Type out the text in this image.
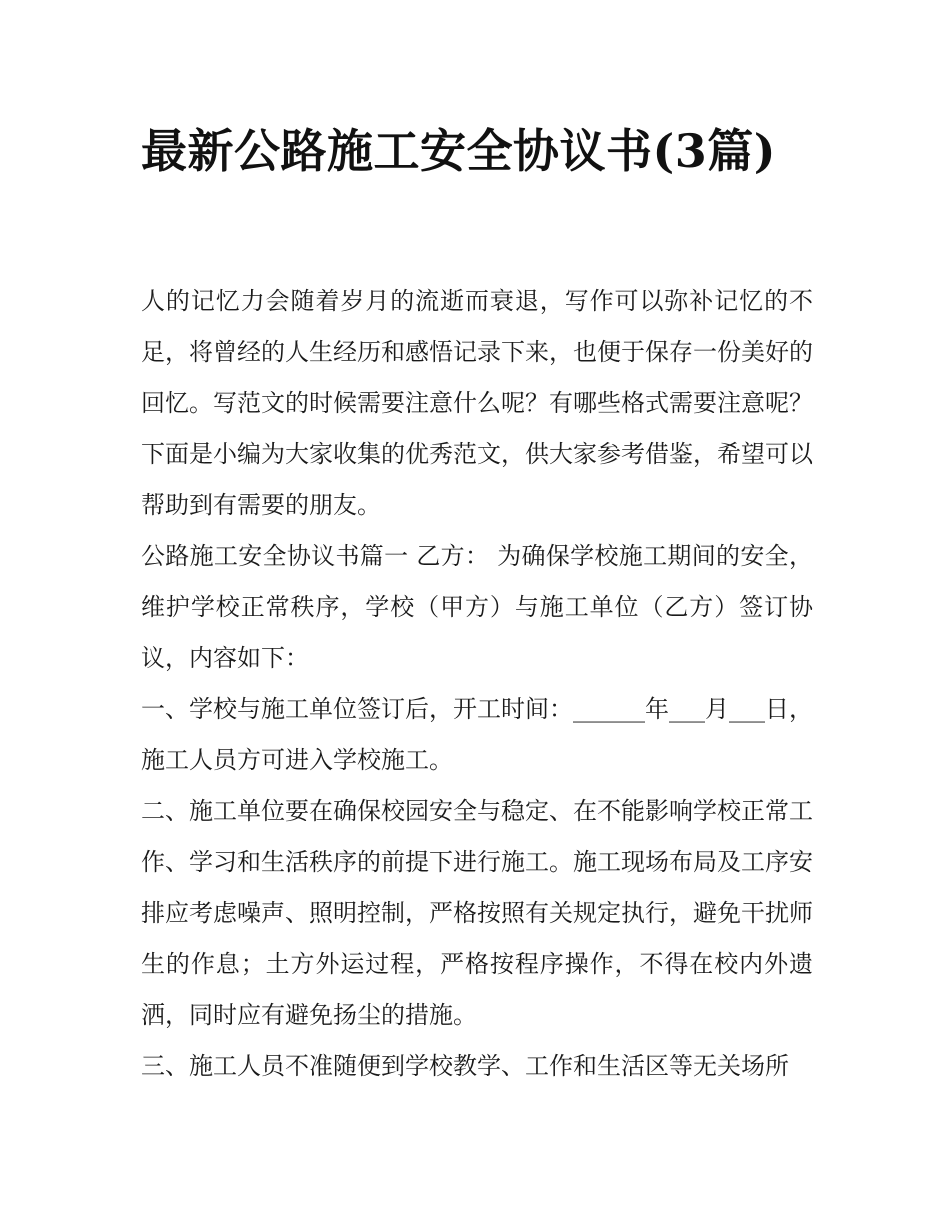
最新公路施工安全协议书(3篇)

人的记忆力会随着岁月的流逝而衰退，写作可以弥补记忆的不足，将曾经的人生经历和感悟记录下来，也便于保存一份美好的回忆。写范文的时候需要注意什么呢？有哪些格式需要注意呢？下面是小编为大家收集的优秀范文，供大家参考借鉴，希望可以帮助到有需要的朋友。

公路施工安全协议书篇一 乙方： 为确保学校施工期间的安全，维护学校正常秩序，学校（甲方）与施工单位（乙方）签订协议，内容如下：

一、学校与施工单位签订后，开工时间：______年___月___日，施工人员方可进入学校施工。

二、施工单位要在确保校园安全与稳定、在不能影响学校正常工作、学习和生活秩序的前提下进行施工。施工现场布局及工序安排应考虑噪声、照明控制，严格按照有关规定执行，避免干扰师生的作息；土方外运过程，严格按程序操作，不得在校内外遗洒，同时应有避免扬尘的措施。

三、施工人员不准随便到学校教学、工作和生活区等无关场所
